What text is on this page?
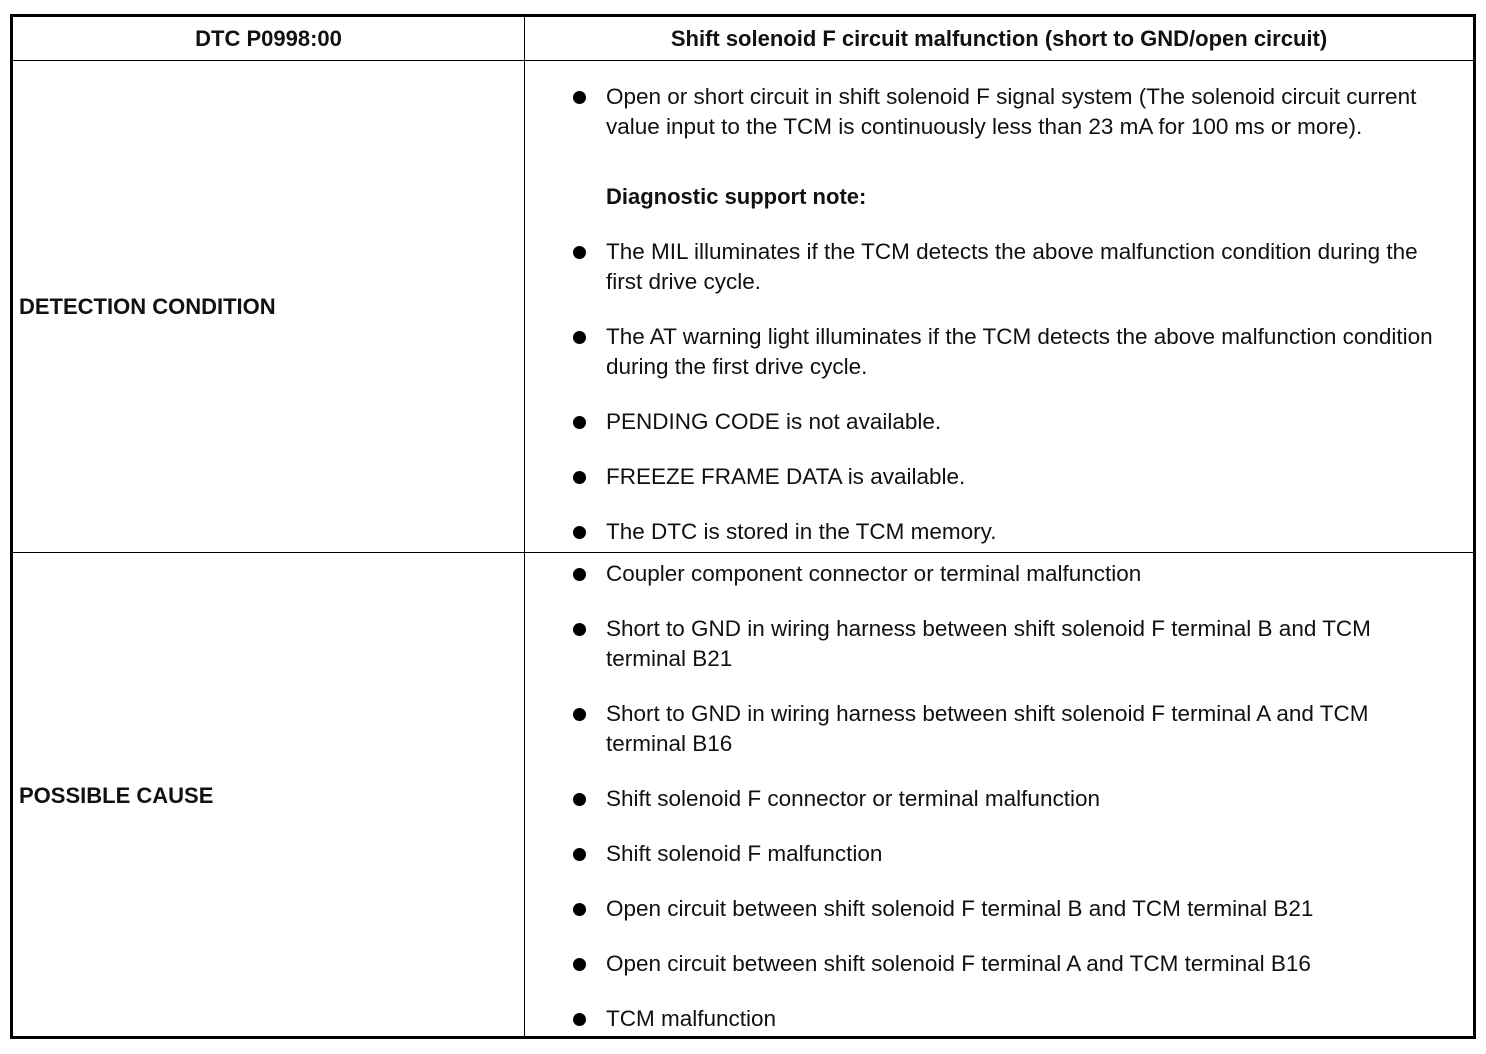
DTC P0998:00	Shift solenoid F circuit malfunction (short to GND/open circuit)
DETECTION CONDITION
Open or short circuit in shift solenoid F signal system (The solenoid circuit current value input to the TCM is continuously less than 23 mA for 100 ms or more).
Diagnostic support note:
The MIL illuminates if the TCM detects the above malfunction condition during the first drive cycle.
The AT warning light illuminates if the TCM detects the above malfunction condition during the first drive cycle.
PENDING CODE is not available.
FREEZE FRAME DATA is available.
The DTC is stored in the TCM memory.
POSSIBLE CAUSE
Coupler component connector or terminal malfunction
Short to GND in wiring harness between shift solenoid F terminal B and TCM terminal B21
Short to GND in wiring harness between shift solenoid F terminal A and TCM terminal B16
Shift solenoid F connector or terminal malfunction
Shift solenoid F malfunction
Open circuit between shift solenoid F terminal B and TCM terminal B21
Open circuit between shift solenoid F terminal A and TCM terminal B16
TCM malfunction
